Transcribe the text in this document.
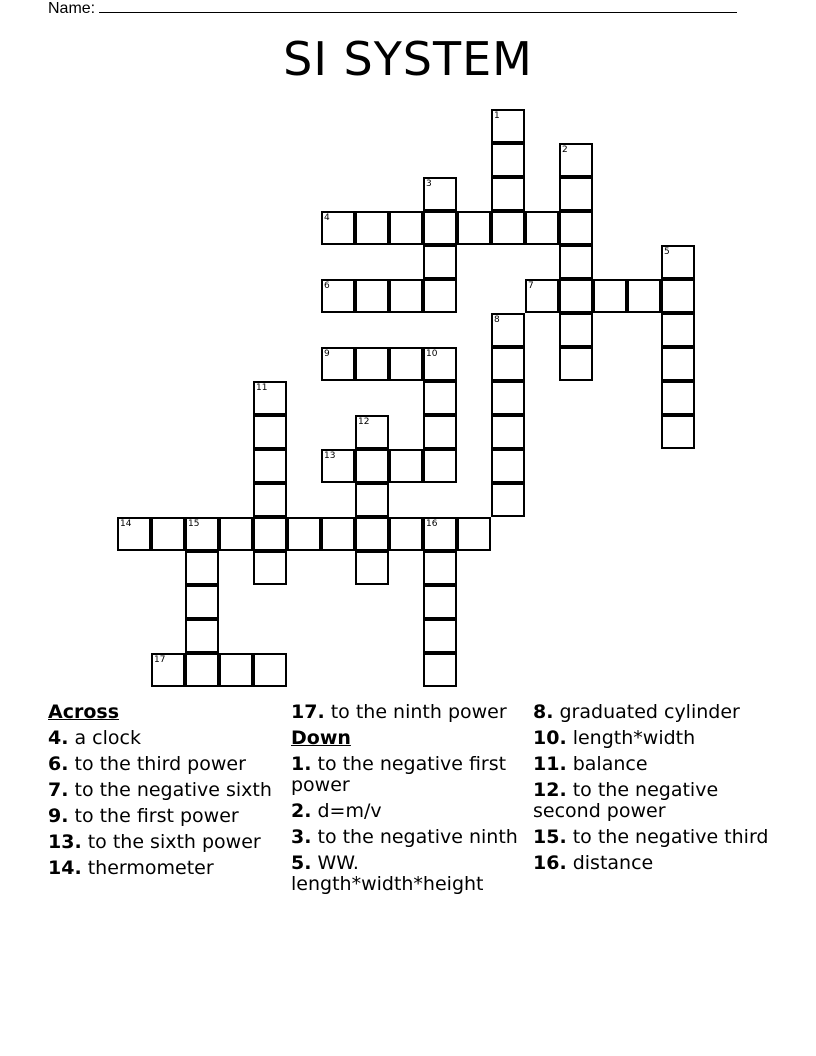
Name:
SI SYSTEM
1
2
3
4
5
6	7
8
9	10
11
12
13
14	15	16
17
Across
4. a clock
6. to the third power
7. to the negative sixth
9. to the first power
13. to the sixth power
14. thermometer
17. to the ninth power
Down
1. to the negative first power
2. d=m/v
3. to the negative ninth
5. WW. length*width*height
8. graduated cylinder
10. length*width
11. balance
12. to the negative second power
15. to the negative third
16. distance
